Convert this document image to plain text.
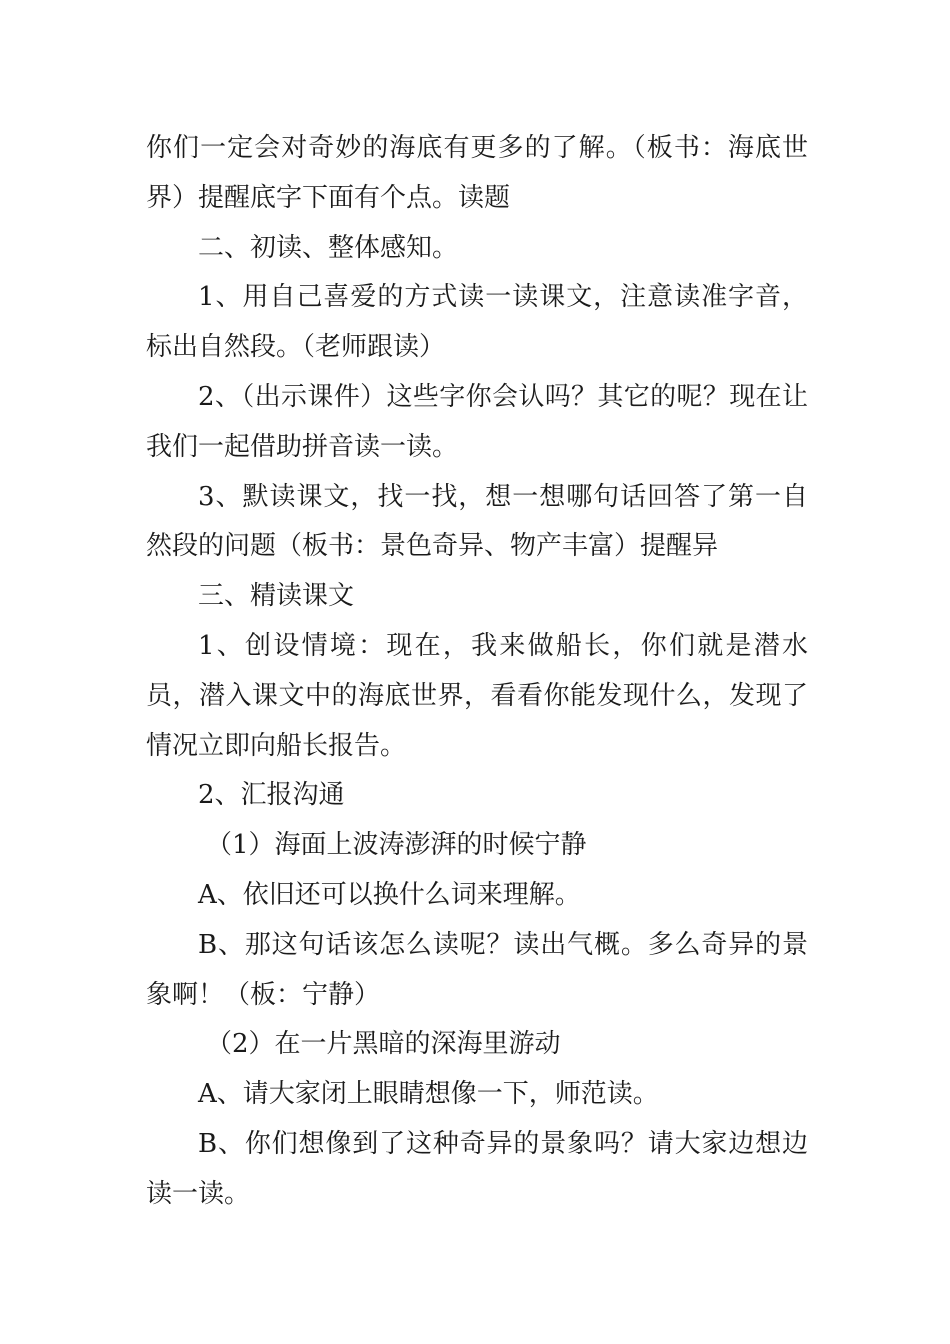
你们一定会对奇妙的海底有更多的了解。（板书：海底世界）提醒底字下面有个点。读题

二、初读、整体感知。

1、用自己喜爱的方式读一读课文，注意读准字音，标出自然段。（老师跟读）

2、（出示课件）这些字你会认吗？其它的呢？现在让我们一起借助拼音读一读。

3、默读课文，找一找，想一想哪句话回答了第一自然段的问题（板书：景色奇异、物产丰富）提醒异

三、精读课文

1、创设情境：现在，我来做船长，你们就是潜水员，潜入课文中的海底世界，看看你能发现什么，发现了情况立即向船长报告。

2、汇报沟通

（1）海面上波涛澎湃的时候宁静

A、依旧还可以换什么词来理解。

B、那这句话该怎么读呢？读出气概。多么奇异的景象啊！（板：宁静）

（2）在一片黑暗的深海里游动

A、请大家闭上眼睛想像一下，师范读。

B、你们想像到了这种奇异的景象吗？请大家边想边读一读。
